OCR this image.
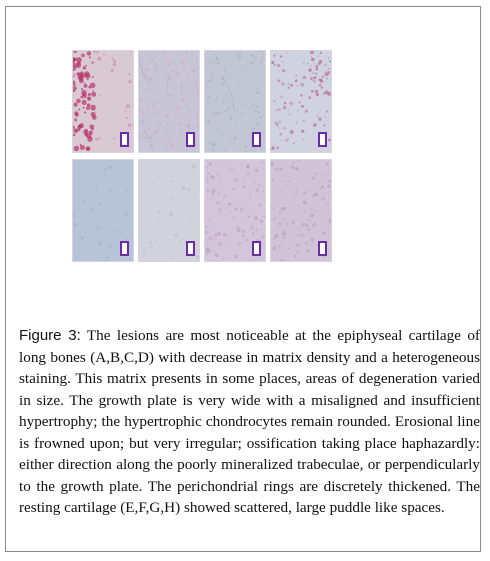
Figure 3: The lesions are most noticeable at the epiphyseal cartilage of long bones (A,B,C,D) with decrease in matrix density and a heterogeneous staining. This matrix presents in some places, areas of degeneration varied in size. The growth plate is very wide with a misaligned and insufficient hypertrophy; the hypertrophic chondrocytes remain rounded. Erosional line is frowned upon; but very irregular; ossification taking place haphazardly: either direction along the poorly mineralized trabeculae, or perpendicularly to the growth plate. The perichondrial rings are discretely thickened. The resting cartilage (E,F,G,H) showed scattered, large puddle like spaces.
